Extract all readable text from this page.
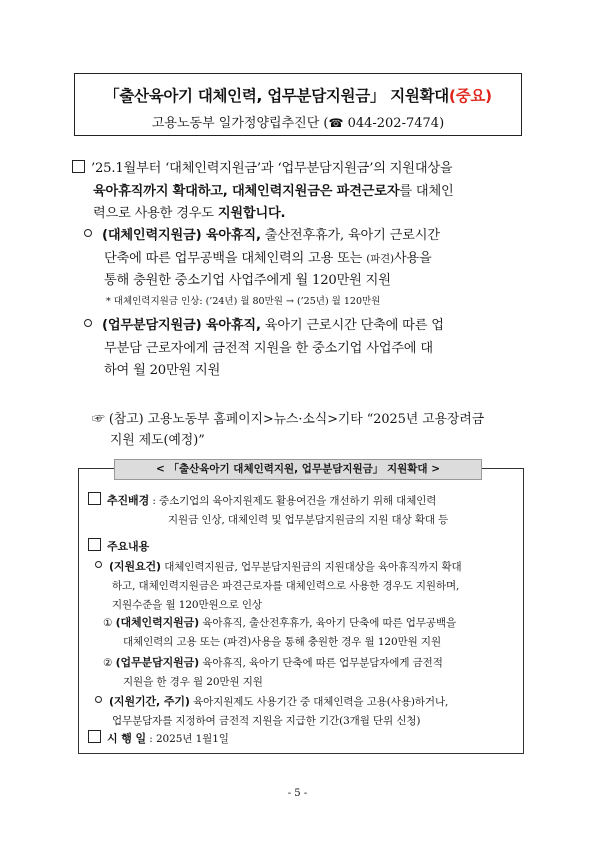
「출산육아기 대체인력, 업무분담지원금」 지원확대(중요)
고용노동부 일가정양립추진단 (☎ 044-202-7474)
’25.1월부터 ‘대체인력지원금’과 ‘업무분담지원금’의 지원대상을
육아휴직까지 확대하고, 대체인력지원금은 파견근로자를 대체인
력으로 사용한 경우도 지원합니다.
(대체인력지원금) 육아휴직, 출산전후휴가, 육아기 근로시간
단축에 따른 업무공백을 대체인력의 고용 또는 (파견)사용을
통해 충원한 중소기업 사업주에게 월 120만원 지원
* 대체인력지원금 인상: (’24년) 월 80만원 → (’25년) 월 120만원
(업무분담지원금) 육아휴직, 육아기 근로시간 단축에 따른 업
무분담 근로자에게 금전적 지원을 한 중소기업 사업주에 대
하여 월 20만원 지원
☞ (참고) 고용노동부 홈페이지>뉴스·소식>기타 “2025년 고용장려금
지원 제도(예정)”
< 「출산육아기 대체인력지원, 업무분담지원금」 지원확대 >
추진배경 : 중소기업의 육아지원제도 활용여건을 개선하기 위해 대체인력
지원금 인상, 대체인력 및 업무분담지원금의 지원 대상 확대 등
주요내용
(지원요건) 대체인력지원금, 업무분담지원금의 지원대상을 육아휴직까지 확대
하고, 대체인력지원금은 파견근로자를 대체인력으로 사용한 경우도 지원하며,
지원수준을 월 120만원으로 인상
① (대체인력지원금) 육아휴직, 출산전후휴가, 육아기 단축에 따른 업무공백을
대체인력의 고용 또는 (파견)사용을 통해 충원한 경우 월 120만원 지원
② (업무분담지원금) 육아휴직, 육아기 단축에 따른 업무분담자에게 금전적
지원을 한 경우 월 20만원 지원
(지원기간, 주기) 육아지원제도 사용기간 중 대체인력을 고용(사용)하거나,
업무분담자를 지정하여 금전적 지원을 지급한 기간(3개월 단위 신청)
시 행 일 : 2025년 1월1일
- 5 -
